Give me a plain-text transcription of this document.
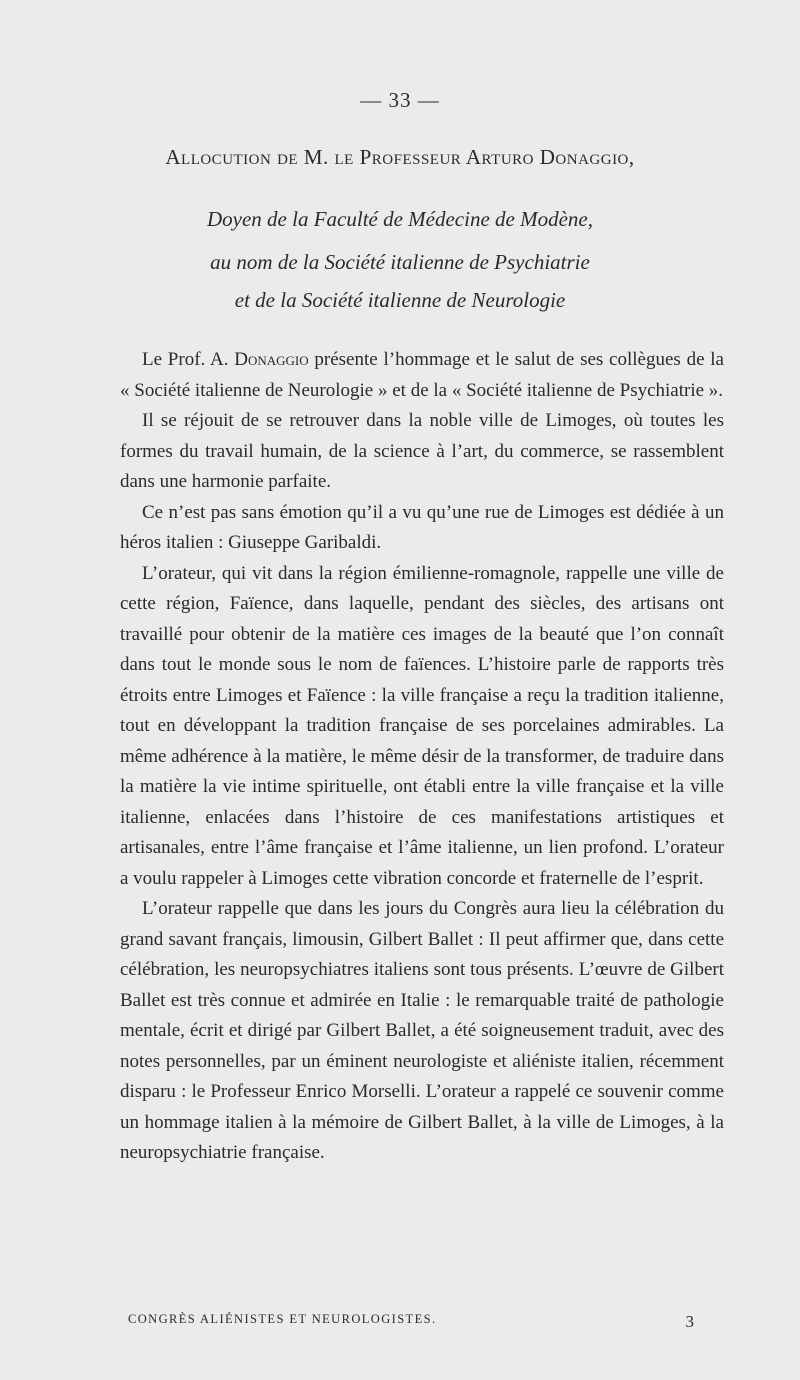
— 33 —
Allocution de M. le Professeur Arturo Donaggio,
Doyen de la Faculté de Médecine de Modène,
au nom de la Société italienne de Psychiatrie
et de la Société italienne de Neurologie

Le Prof. A. Donaggio présente l’hommage et le salut de ses collègues de la « Société italienne de Neurologie » et de la « Société italienne de Psychiatrie ».

Il se réjouit de se retrouver dans la noble ville de Limoges, où toutes les formes du travail humain, de la science à l’art, du commerce, se rassemblent dans une harmonie parfaite.

Ce n’est pas sans émotion qu’il a vu qu’une rue de Limoges est dédiée à un héros italien : Giuseppe Garibaldi.

L’orateur, qui vit dans la région émilienne-romagnole, rappelle une ville de cette région, Faïence, dans laquelle, pendant des siècles, des artisans ont travaillé pour obtenir de la matière ces images de la beauté que l’on connaît dans tout le monde sous le nom de faïences. L’histoire parle de rapports très étroits entre Limoges et Faïence : la ville française a reçu la tradition italienne, tout en développant la tradition française de ses porcelaines admirables. La même adhérence à la matière, le même désir de la transformer, de traduire dans la matière la vie intime spirituelle, ont établi entre la ville française et la ville italienne, enlacées dans l’histoire de ces manifestations artistiques et artisanales, entre l’âme française et l’âme italienne, un lien profond. L’orateur a voulu rappeler à Limoges cette vibration concorde et fraternelle de l’esprit.

L’orateur rappelle que dans les jours du Congrès aura lieu la célébration du grand savant français, limousin, Gilbert Ballet : Il peut affirmer que, dans cette célébration, les neuropsychiatres italiens sont tous présents. L’œuvre de Gilbert Ballet est très connue et admirée en Italie : le remarquable traité de pathologie mentale, écrit et dirigé par Gilbert Ballet, a été soigneusement traduit, avec des notes personnelles, par un éminent neurologiste et aliéniste italien, récemment disparu : le Professeur Enrico Morselli. L’orateur a rappelé ce souvenir comme un hommage italien à la mémoire de Gilbert Ballet, à la ville de Limoges, à la neuropsychiatrie française.

CONGRÈS ALIÉNISTES ET NEUROLOGISTES.	3
